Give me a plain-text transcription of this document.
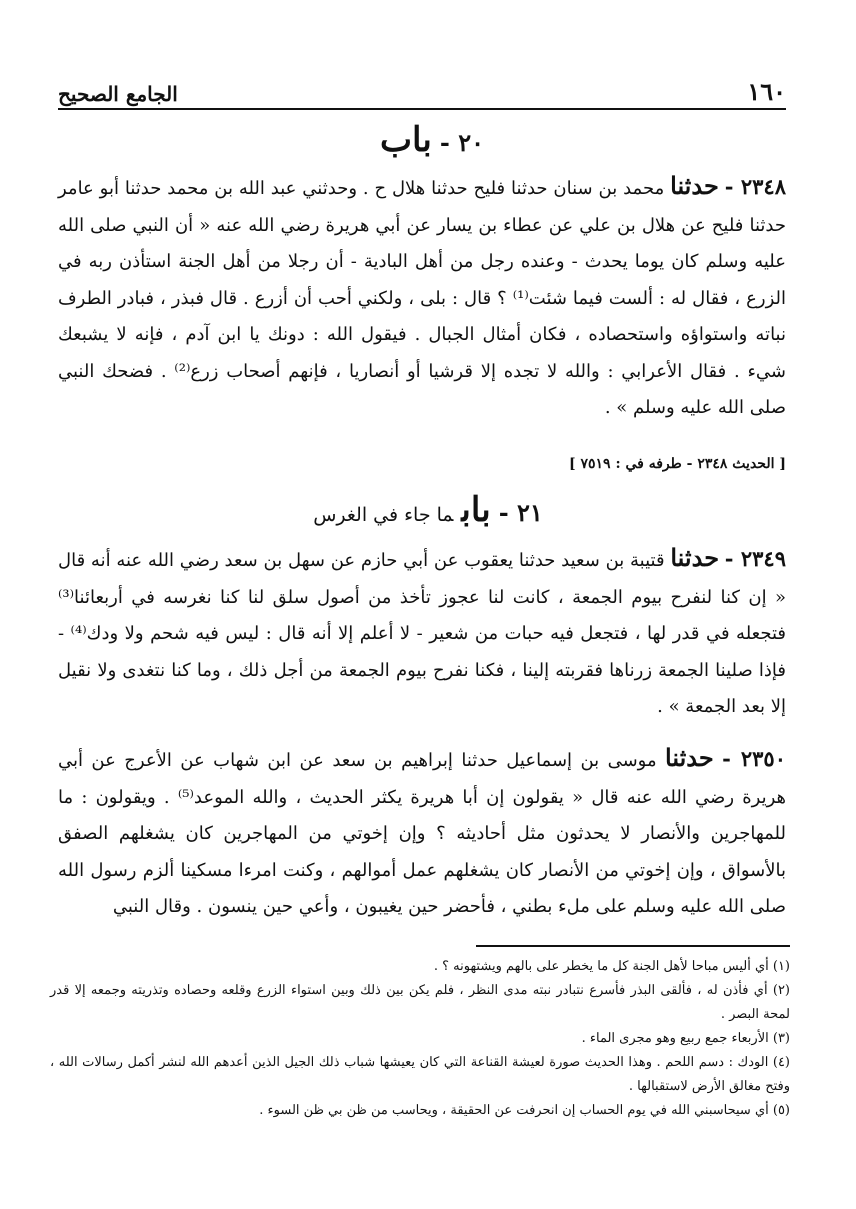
الجامع الصحيح	١٦٠
٢٠ -باب
٢٣٤٨ - حدثنا محمد بن سنان حدثنا فليح حدثنا هلال ح . وحدثني عبد الله بن محمد حدثنا أبو عامر حدثنا فليح عن هلال بن علي عن عطاء بن يسار عن أبي هريرة رضي الله عنه « أن النبي صلى الله عليه وسلم كان يوما يحدث - وعنده رجل من أهل البادية - أن رجلا من أهل الجنة استأذن ربه في الزرع ، فقال له : ألست فيما شئت⁽¹⁾ ؟ قال : بلى ، ولكني أحب أن أزرع . قال فبذر ، فبادر الطرف نباته واستواؤه واستحصاده ، فكان أمثال الجبال . فيقول الله : دونك يا ابن آدم ، فإنه لا يشبعك شيء . فقال الأعرابي : والله لا تجده إلا قرشيا أو أنصاريا ، فإنهم أصحاب زرع⁽²⁾ . فضحك النبي صلى الله عليه وسلم » .
[ الحديث ٢٣٤٨ - طرفه في : ٧٥١٩ ]
٢١ -بابما جاء في الغرس
٢٣٤٩ - حدثنا قتيبة بن سعيد حدثنا يعقوب عن أبي حازم عن سهل بن سعد رضي الله عنه أنه قال « إن كنا لنفرح بيوم الجمعة ، كانت لنا عجوز تأخذ من أصول سلق لنا كنا نغرسه في أربعائنا⁽³⁾ فتجعله في قدر لها ، فتجعل فيه حبات من شعير - لا أعلم إلا أنه قال : ليس فيه شحم ولا ودك⁽⁴⁾ - فإذا صلينا الجمعة زرناها فقربته إلينا ، فكنا نفرح بيوم الجمعة من أجل ذلك ، وما كنا نتغدى ولا نقيل إلا بعد الجمعة » .
٢٣٥٠ - حدثنا موسى بن إسماعيل حدثنا إبراهيم بن سعد عن ابن شهاب عن الأعرج عن أبي هريرة رضي الله عنه قال « يقولون إن أبا هريرة يكثر الحديث ، والله الموعد⁽⁵⁾ . ويقولون : ما للمهاجرين والأنصار لا يحدثون مثل أحاديثه ؟ وإن إخوتي من المهاجرين كان يشغلهم الصفق بالأسواق ، وإن إخوتي من الأنصار كان يشغلهم عمل أموالهم ، وكنت امرءا مسكينا ألزم رسول الله صلى الله عليه وسلم على ملء بطني ، فأحضر حين يغيبون ، وأعي حين ينسون . وقال النبي

(١) أي أليس مباحا لأهل الجنة كل ما يخطر على بالهم ويشتهونه ؟ .

(٢) أي فأذن له ، فألقى البذر فأسرع نتبادر نبته مدى النظر ، فلم يكن بين ذلك وبين استواء الزرع وقلعه وحصاده وتذريته وجمعه إلا قدر لمحة البصر .

(٣) الأربعاء جمع ربيع وهو مجرى الماء .

(٤) الودك : دسم اللحم . وهذا الحديث صورة لعيشة القناعة التي كان يعيشها شباب ذلك الجيل الذين أعدهم الله لنشر أكمل رسالات الله ، وفتح مغالق الأرض لاستقبالها .

(٥) أي سيحاسبني الله في يوم الحساب إن انحرفت عن الحقيقة ، ويحاسب من ظن بي ظن السوء .
